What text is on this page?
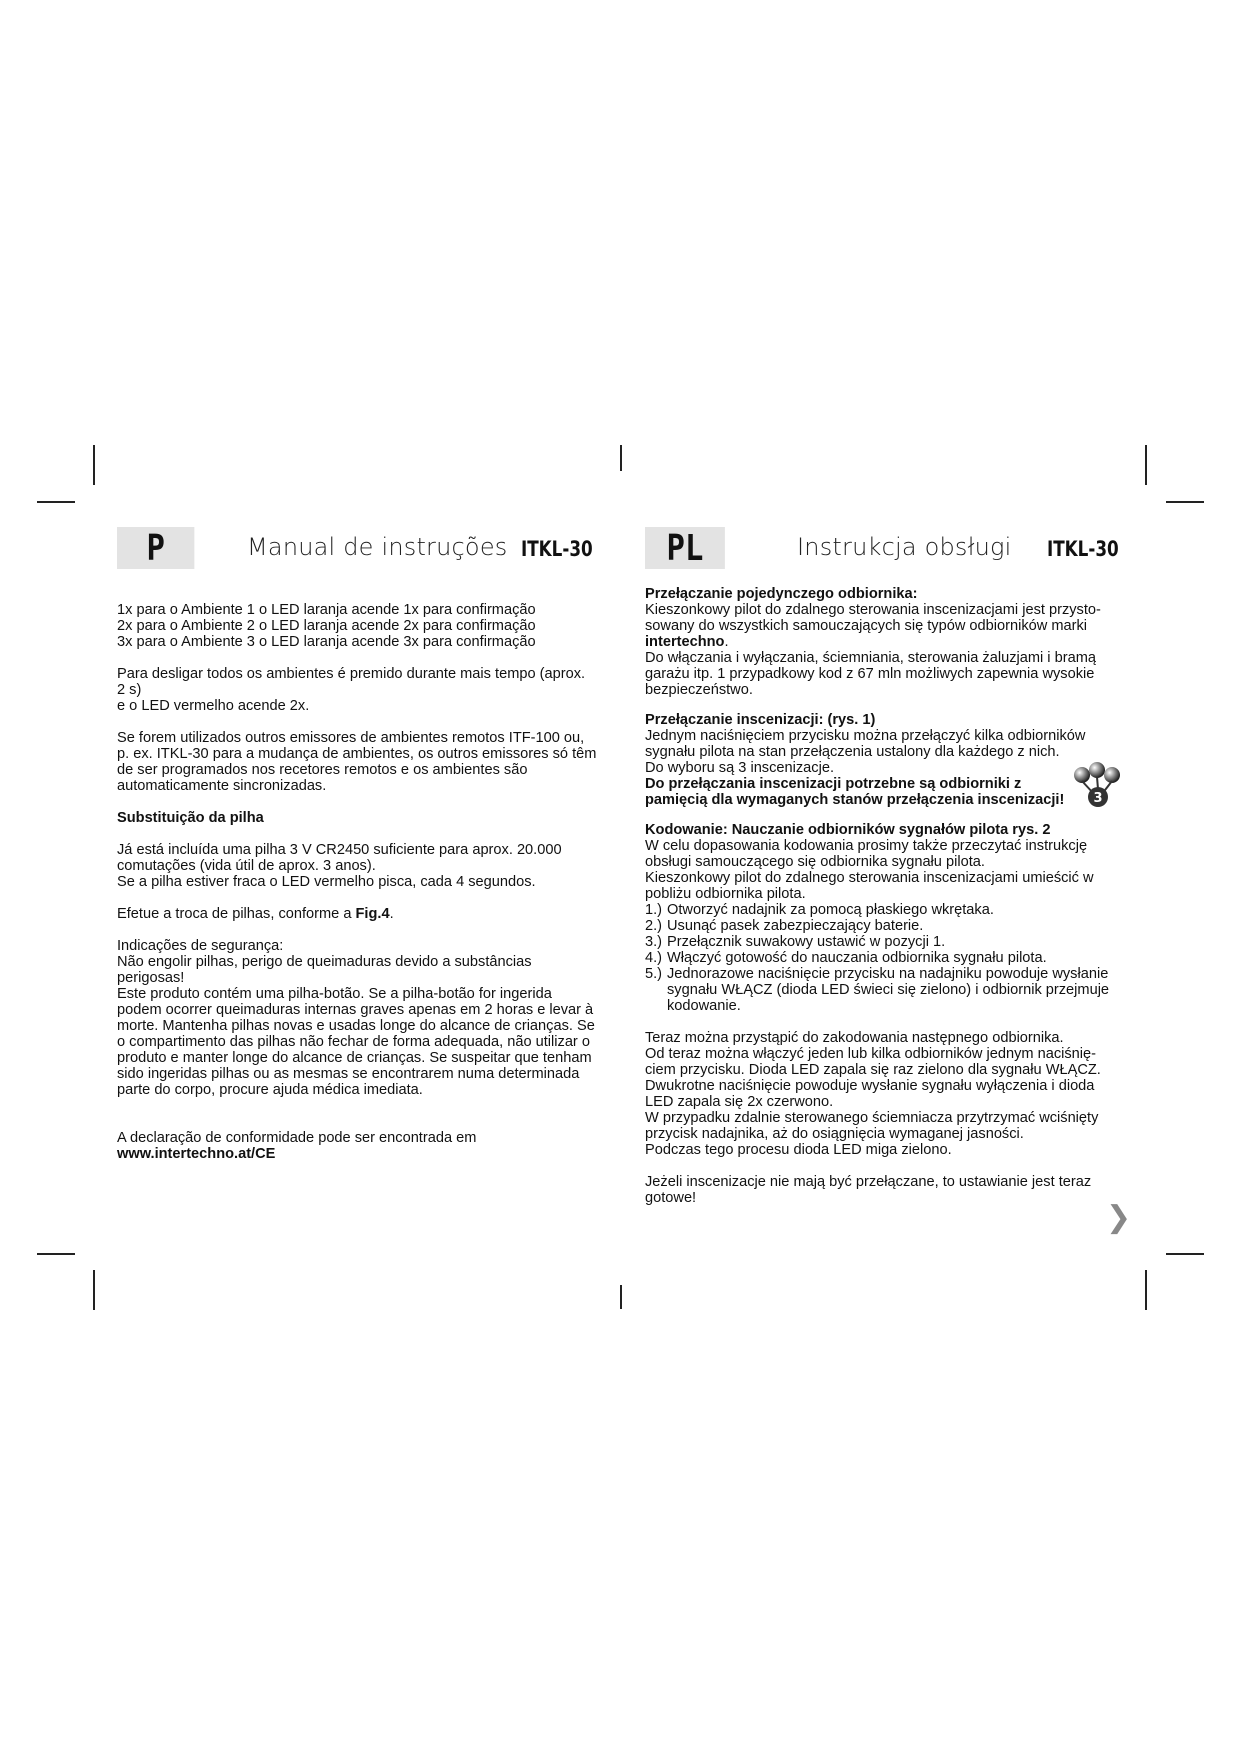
P	Manual de instruções ITKL-30

1x para o Ambiente 1 o LED laranja acende 1x para confirmação

2x para o Ambiente 2 o LED laranja acende 2x para confirmação

3x para o Ambiente 3 o LED laranja acende 3x para confirmação

Para desligar todos os ambientes é premido durante mais tempo (aprox.

2 s)

e o LED vermelho acende 2x.

Se forem utilizados outros emissores de ambientes remotos ITF-100 ou, p. ex. ITKL-30 para a mudança de ambientes, os outros emissores só têm de ser programados nos recetores remotos e os ambientes são automaticamente sincronizadas.

Substituição da pilha

Já está incluída uma pilha 3 V CR2450 suficiente para aprox. 20.000 comutações (vida útil de aprox. 3 anos).

Se a pilha estiver fraca o LED vermelho pisca, cada 4 segundos.

Efetue a troca de pilhas, conforme a Fig.4.

Indicações de segurança:

Não engolir pilhas, perigo de queimaduras devido a substâncias perigosas!

Este produto contém uma pilha-botão. Se a pilha-botão for ingerida podem ocorrer queimaduras internas graves apenas em 2 horas e levar à morte. Mantenha pilhas novas e usadas longe do alcance de crianças. Se o compartimento das pilhas não fechar de forma adequada, não utilizar o produto e manter longe do alcance de crianças. Se suspeitar que tenham sido ingeridas pilhas ou as mesmas se encontrarem numa determinada parte do corpo, procure ajuda médica imediata.

A declaração de conformidade pode ser encontrada em

www.intertechno.at/CE

PL	Instrukcja obsługi ITKL-30

Przełączanie pojedynczego odbiornika:

Kieszonkowy pilot do zdalnego sterowania inscenizacjami jest przysto-sowany do wszystkich samouczających się typów odbiorników marki

intertechno.

Do włączania i wyłączania, ściemniania, sterowania żaluzjami i bramą garażu itp. 1 przypadkowy kod z 67 mln możliwych zapewnia wysokie bezpieczeństwo.

Przełączanie inscenizacji: (rys. 1)

Jednym naciśnięciem przycisku można przełączyć kilka odbiorników sygnału pilota na stan przełączenia ustalony dla każdego z nich.

Do wyboru są 3 inscenizacje.

Do przełączania inscenizacji potrzebne są odbiorniki z pamięcią dla wymaganych stanów przełączenia inscenizacji!

Kodowanie: Nauczanie odbiorników sygnałów pilota rys. 2

W celu dopasowania kodowania prosimy także przeczytać instrukcję obsługi samouczącego się odbiornika sygnału pilota.

Kieszonkowy pilot do zdalnego sterowania inscenizacjami umieścić w pobliżu odbiornika pilota.

1.) Otworzyć nadajnik za pomocą płaskiego wkrętaka.
2.) Usunąć pasek zabezpieczający baterie.
3.) Przełącznik suwakowy ustawić w pozycji 1.
4.) Włączyć gotowość do nauczania odbiornika sygnału pilota.
5.) Jednorazowe naciśnięcie przycisku na nadajniku powoduje wysłanie sygnału WŁĄCZ (dioda LED świeci się zielono) i odbiornik przejmuje kodowanie.

Teraz można przystąpić do zakodowania następnego odbiornika.

Od teraz można włączyć jeden lub kilka odbiorników jednym naciśnię-ciem przycisku. Dioda LED zapala się raz zielono dla sygnału WŁĄCZ.

Dwukrotne naciśnięcie powoduje wysłanie sygnału wyłączenia i dioda LED zapala się 2x czerwono.

W przypadku zdalnie sterowanego ściemniacza przytrzymać wciśnięty przycisk nadajnika, aż do osiągnięcia wymaganej jasności.

Podczas tego procesu dioda LED miga zielono.

Jeżeli inscenizacje nie mają być przełączane, to ustawianie jest teraz gotowe!

3
❯
